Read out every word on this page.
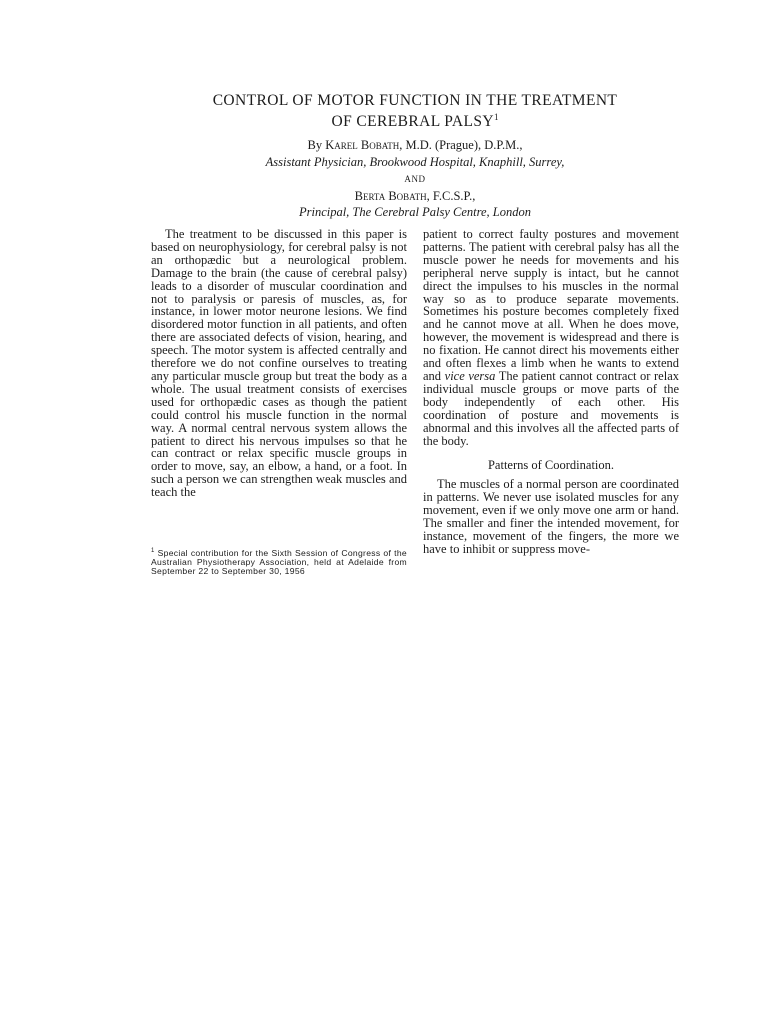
CONTROL OF MOTOR FUNCTION IN THE TREATMENT
OF CEREBRAL PALSY$^1$
By Karel Bobath, M.D. (Prague), D.P.M.,
Assistant Physician, Brookwood Hospital, Knaphill, Surrey,
AND
Berta Bobath, F.C.S.P.,
Principal, The Cerebral Palsy Centre, London

The treatment to be discussed in this paper is based on neurophysiology, for cerebral palsy is not an orthopædic but a neurological problem. Damage to the brain (the cause of cerebral palsy) leads to a disorder of muscular coordination and not to paralysis or paresis of muscles, as, for instance, in lower motor neurone lesions. We find disordered motor function in all patients, and often there are associated defects of vision, hearing, and speech. The motor system is affected centrally and therefore we do not confine ourselves to treating any particular muscle group but treat the body as a whole. The usual treatment consists of exercises used for orthopædic cases as though the patient could control his muscle function in the normal way. A normal central nervous system allows the patient to direct his nervous impulses so that he can contract or relax specific muscle groups in order to move, say, an elbow, a hand, or a foot. In such a person we can strengthen weak muscles and teach the

$^1$ Special contribution for the Sixth Session of Congress of the Australian Physiotherapy Association, held at Adelaide from September 22 to September 30, 1956

patient to correct faulty postures and movement patterns. The patient with cerebral palsy has all the muscle power he needs for movements and his peripheral nerve supply is intact, but he cannot direct the impulses to his muscles in the normal way so as to produce separate movements. Sometimes his posture becomes completely fixed and he cannot move at all. When he does move, however, the movement is widespread and there is no fixation. He cannot direct his movements either and often flexes a limb when he wants to extend and vice versa The patient cannot contract or relax individual muscle groups or move parts of the body independently of each other. His coordination of posture and movements is abnormal and this involves all the affected parts of the body.

Patterns of Coordination.

The muscles of a normal person are coordinated in patterns. We never use isolated muscles for any movement, even if we only move one arm or hand. The smaller and finer the intended movement, for instance, movement of the fingers, the more we have to inhibit or suppress move-
